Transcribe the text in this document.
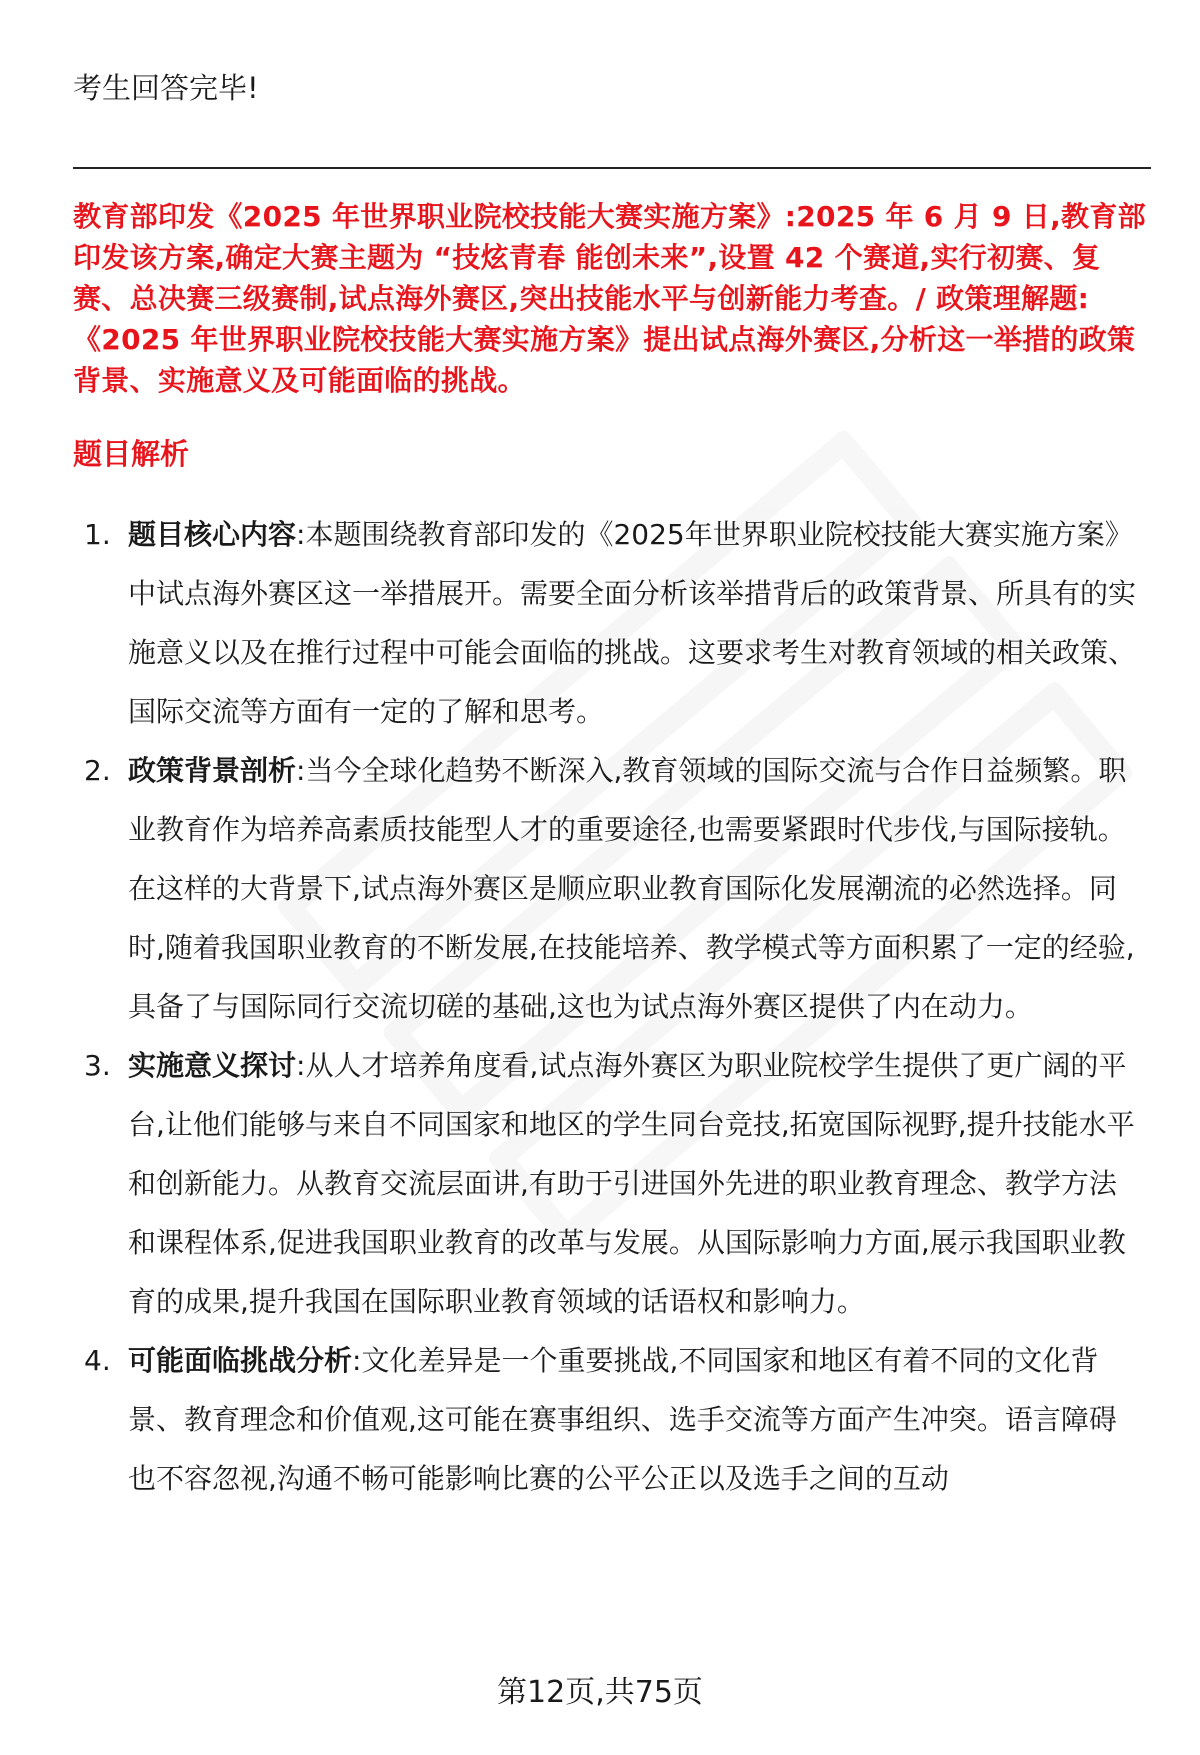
考生回答完毕!
教育部印发《2025 年世界职业院校技能大赛实施方案》:2025 年 6 月 9 日,教育部印发该方案,确定大赛主题为 “技炫青春 能创未来”,设置 42 个赛道,实行初赛、复赛、总决赛三级赛制,试点海外赛区,突出技能水平与创新能力考查。/ 政策理解题:《2025 年世界职业院校技能大赛实施方案》提出试点海外赛区,分析这一举措的政策背景、实施意义及可能面临的挑战。
题目解析

1. 题目核心内容:本题围绕教育部印发的《2025年世界职业院校技能大赛实施方案》中试点海外赛区这一举措展开。需要全面分析该举措背后的政策背景、所具有的实施意义以及在推行过程中可能会面临的挑战。这要求考生对教育领域的相关政策、国际交流等方面有一定的了解和思考。

2. 政策背景剖析:当今全球化趋势不断深入,教育领域的国际交流与合作日益频繁。职业教育作为培养高素质技能型人才的重要途径,也需要紧跟时代步伐,与国际接轨。在这样的大背景下,试点海外赛区是顺应职业教育国际化发展潮流的必然选择。同时,随着我国职业教育的不断发展,在技能培养、教学模式等方面积累了一定的经验,具备了与国际同行交流切磋的基础,这也为试点海外赛区提供了内在动力。

3. 实施意义探讨:从人才培养角度看,试点海外赛区为职业院校学生提供了更广阔的平台,让他们能够与来自不同国家和地区的学生同台竞技,拓宽国际视野,提升技能水平和创新能力。从教育交流层面讲,有助于引进国外先进的职业教育理念、教学方法和课程体系,促进我国职业教育的改革与发展。从国际影响力方面,展示我国职业教育的成果,提升我国在国际职业教育领域的话语权和影响力。

4. 可能面临挑战分析:文化差异是一个重要挑战,不同国家和地区有着不同的文化背景、教育理念和价值观,这可能在赛事组织、选手交流等方面产生冲突。语言障碍也不容忽视,沟通不畅可能影响比赛的公平公正以及选手之间的互动

第12页,共75页
